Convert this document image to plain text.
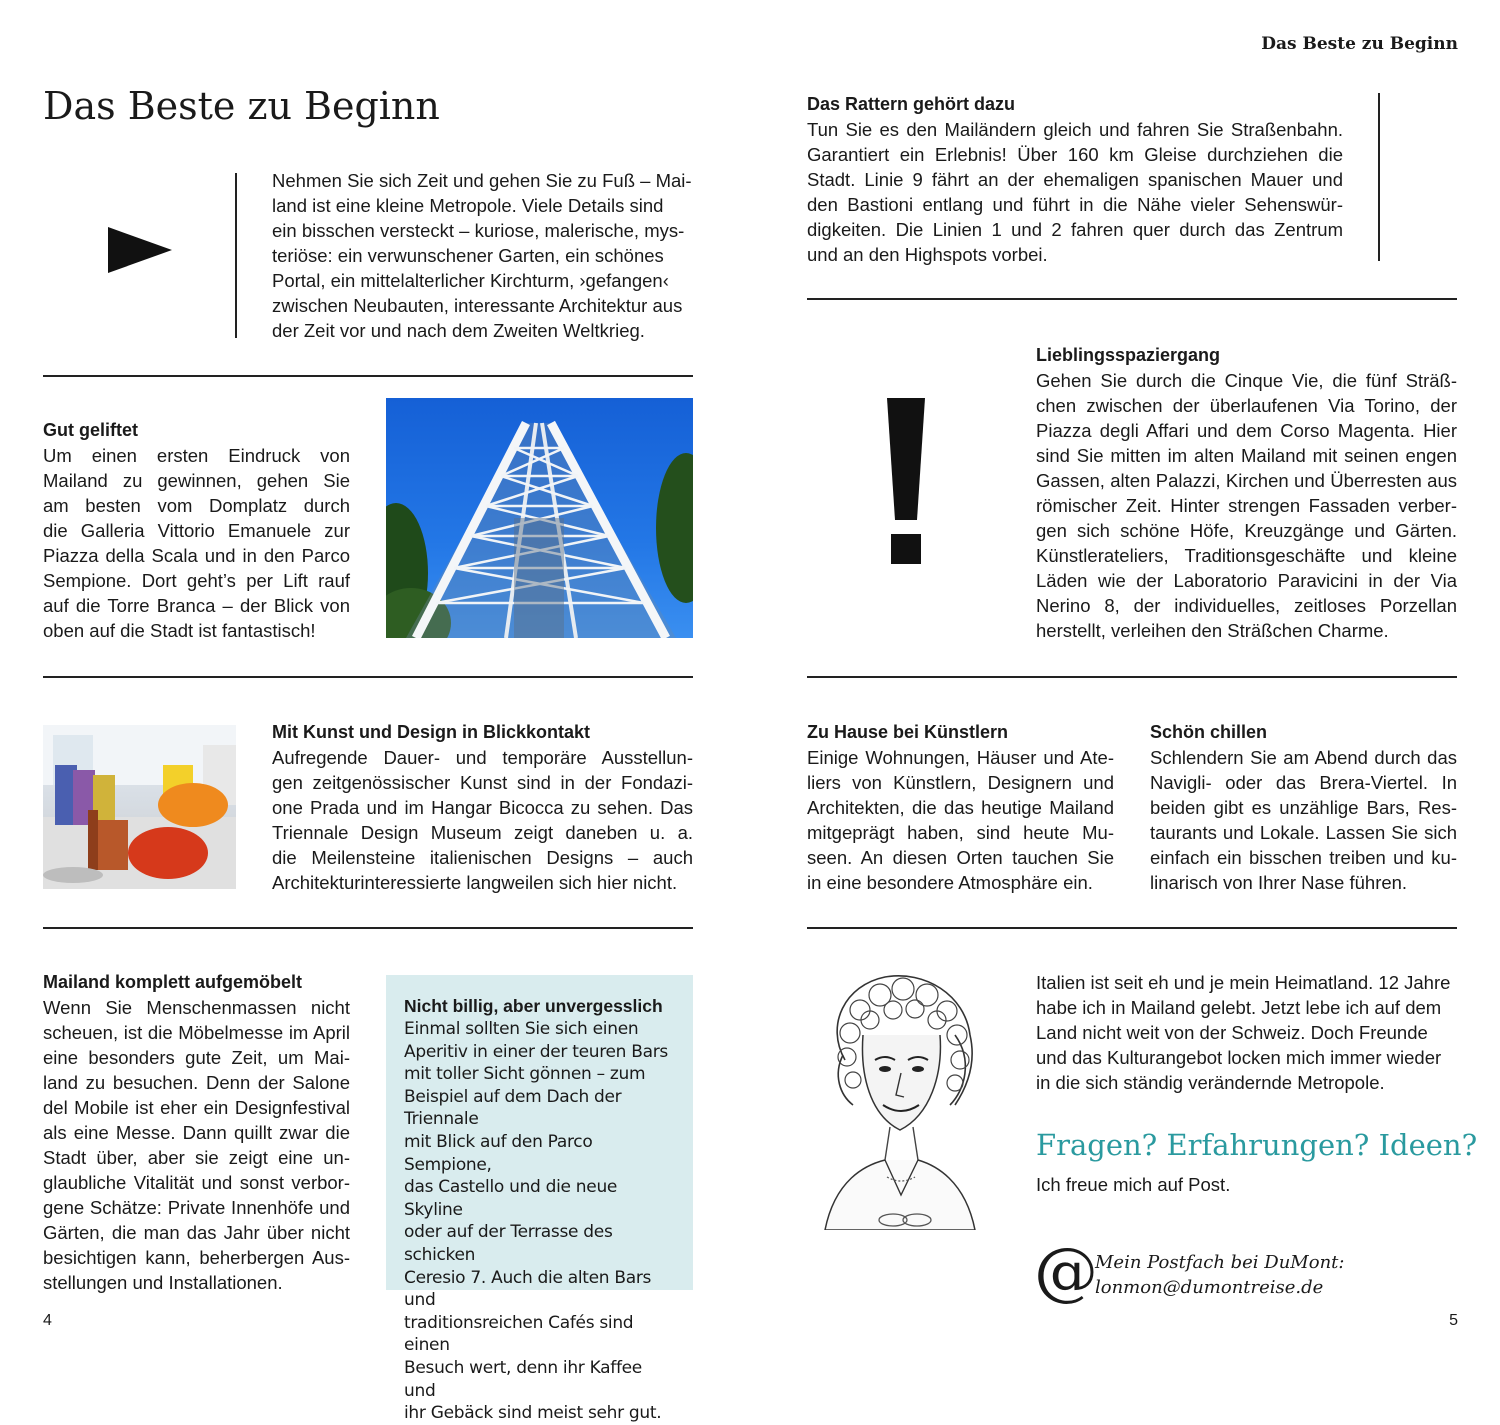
Das Beste zu Beginn
Das Beste zu Beginn

Nehmen Sie sich Zeit und gehen Sie zu Fuß – Mai-

land ist eine kleine Metropole. Viele Details sind

ein bisschen versteckt – kuriose, malerische, mys-

teriöse: ein verwunschener Garten, ein schönes

Portal, ein mittelalterlicher Kirchturm, ›gefangen‹

zwischen Neubauten, interessante Architektur aus

der Zeit vor und nach dem Zweiten Weltkrieg.

Gut geliftet

Um einen ersten Eindruck von

Mailand zu gewinnen, gehen Sie

am besten vom Domplatz durch

die Galleria Vittorio Emanuele zur

Piazza della Scala und in den Parco

Sempione. Dort geht’s per Lift rauf

auf die Torre Branca – der Blick von

oben auf die Stadt ist fantastisch!

Mit Kunst und Design in Blickkontakt

Aufregende Dauer- und temporäre Ausstellun-

gen zeitgenössischer Kunst sind in der Fondazi-

one Prada und im Hangar Bicocca zu sehen. Das

Triennale Design Museum zeigt daneben u. a.

die Meilensteine italienischen Designs – auch

Architekturinteressierte langweilen sich hier nicht.

Mailand komplett aufgemöbelt

Wenn Sie Menschenmassen nicht

scheuen, ist die Möbelmesse im April

eine besonders gute Zeit, um Mai-

land zu besuchen. Denn der Salone

del Mobile ist eher ein Designfestival

als eine Messe. Dann quillt zwar die

Stadt über, aber sie zeigt eine un-

glaubliche Vitalität und sonst verbor-

gene Schätze: Private Innenhöfe und

Gärten, die man das Jahr über nicht

besichtigen kann, beherbergen Aus-

stellungen und Installationen.

Nicht billig, aber unvergesslich

Einmal sollten Sie sich einen

Aperitiv in einer der teuren Bars

mit toller Sicht gönnen – zum

Beispiel auf dem Dach der Triennale

mit Blick auf den Parco Sempione,

das Castello und die neue Skyline

oder auf der Terrasse des schicken

Ceresio 7. Auch die alten Bars und

traditionsreichen Cafés sind einen

Besuch wert, denn ihr Kaffee und

ihr Gebäck sind meist sehr gut.

Das Rattern gehört dazu

Tun Sie es den Mailändern gleich und fahren Sie Straßenbahn.

Garantiert ein Erlebnis! Über 160 km Gleise durchziehen die

Stadt. Linie 9 fährt an der ehemaligen spanischen Mauer und

den Bastioni entlang und führt in die Nähe vieler Sehenswür-

digkeiten. Die Linien 1 und 2 fahren quer durch das Zentrum

und an den Highspots vorbei.

Lieblingsspaziergang

Gehen Sie durch die Cinque Vie, die fünf Sträß-

chen zwischen der überlaufenen Via Torino, der

Piazza degli Affari und dem Corso Magenta. Hier

sind Sie mitten im alten Mailand mit seinen engen

Gassen, alten Palazzi, Kirchen und Überresten aus

römischer Zeit. Hinter strengen Fassaden verber-

gen sich schöne Höfe, Kreuzgänge und Gärten.

Künstlerateliers, Traditionsgeschäfte und kleine

Läden wie der Laboratorio Paravicini in der Via

Nerino 8, der individuelles, zeitloses Porzellan

herstellt, verleihen den Sträßchen Charme.

Zu Hause bei Künstlern

Einige Wohnungen, Häuser und Ate-

liers von Künstlern, Designern und

Architekten, die das heutige Mailand

mitgeprägt haben, sind heute Mu-

seen. An diesen Orten tauchen Sie

in eine besondere Atmosphäre ein.

Schön chillen

Schlendern Sie am Abend durch das

Navigli- oder das Brera-Viertel. In

beiden gibt es unzählige Bars, Res-

taurants und Lokale. Lassen Sie sich

einfach ein bisschen treiben und ku-

linarisch von Ihrer Nase führen.

Italien ist seit eh und je mein Heimatland. 12 Jahre

habe ich in Mailand gelebt. Jetzt lebe ich auf dem

Land nicht weit von der Schweiz. Doch Freunde

und das Kulturangebot locken mich immer wieder

in die sich ständig verändernde Metropole.

Fragen? Erfahrungen? Ideen?

Ich freue mich auf Post.

@
Mein Postfach bei DuMont:
lonmon@dumontreise.de
4	5
